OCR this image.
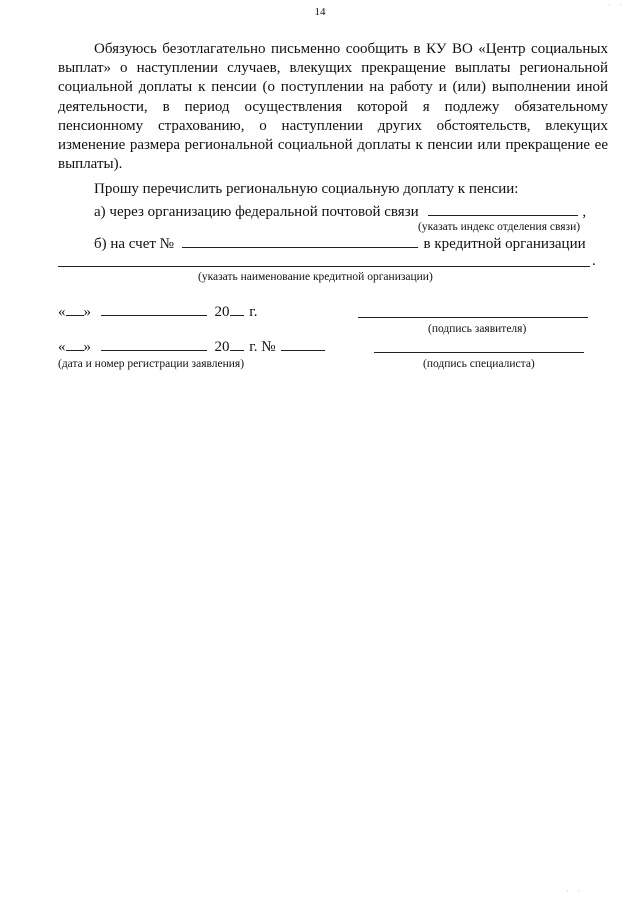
14
· ·

Обязуюсь безотлагательно письменно сообщить в КУ ВО «Центр социальных выплат» о наступлении случаев, влекущих прекращение выплаты региональной социальной доплаты к пенсии (о поступлении на работу и (или) выполнении иной деятельности, в период осуществления которой я подлежу обязательному пенсионному страхованию, о наступлении других обстоятельств, влекущих изменение размера региональной социальной доплаты к пенсии или прекращение ее выплаты).

Прошу перечислить региональную социальную доплату к пенсии:
а) через организацию федеральной почтовой связи	,
(указать индекс отделения связи)
б) на счет №	в кредитной организации
.
(указать наименование кредитной организации)
« »	20 г.
(подпись заявителя)
« »	20 г. №
(дата и номер регистрации заявления)	(подпись специалиста)
· ·
